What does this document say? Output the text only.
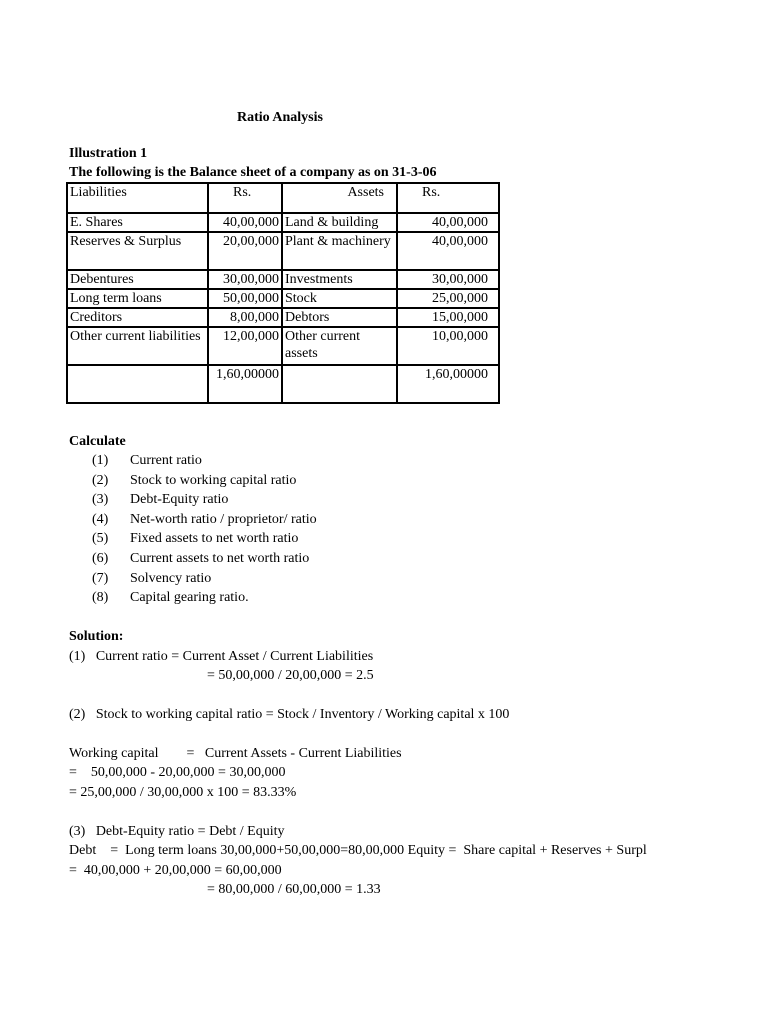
Ratio Analysis
Illustration 1
The following is the Balance sheet of a company as on 31-3-06
Liabilities	Rs.	Assets	Rs.
E. Shares	40,00,000	Land & building	40,00,000
Reserves & Surplus	20,00,000	Plant & machinery	40,00,000
Debentures	30,00,000	Investments	30,00,000
Long term loans	50,00,000	Stock	25,00,000
Creditors	8,00,000	Debtors	15,00,000
Other current liabilities	12,00,000	Other current assets	10,00,000
	1,60,00000		1,60,00000
Calculate
(1)	Current ratio
(2)	Stock to working capital ratio
(3)	Debt-Equity ratio
(4)	Net-worth ratio / proprietor/ ratio
(5)	Fixed assets to net worth ratio
(6)	Current assets to net worth ratio
(7)	Solvency ratio
(8)	Capital gearing ratio.
Solution:
(1)   Current ratio = Current Asset / Current Liabilities
= 50,00,000 / 20,00,000 = 2.5
(2)   Stock to working capital ratio = Stock / Inventory / Working capital x 100
Working capital        =   Current Assets - Current Liabilities
=    50,00,000 - 20,00,000 = 30,00,000
= 25,00,000 / 30,00,000 x 100 = 83.33%
(3)   Debt-Equity ratio = Debt / Equity
Debt    =  Long term loans 30,00,000+50,00,000=80,00,000 Equity =  Share capital + Reserves + Surpl
=  40,00,000 + 20,00,000 = 60,00,000
= 80,00,000 / 60,00,000 = 1.33
